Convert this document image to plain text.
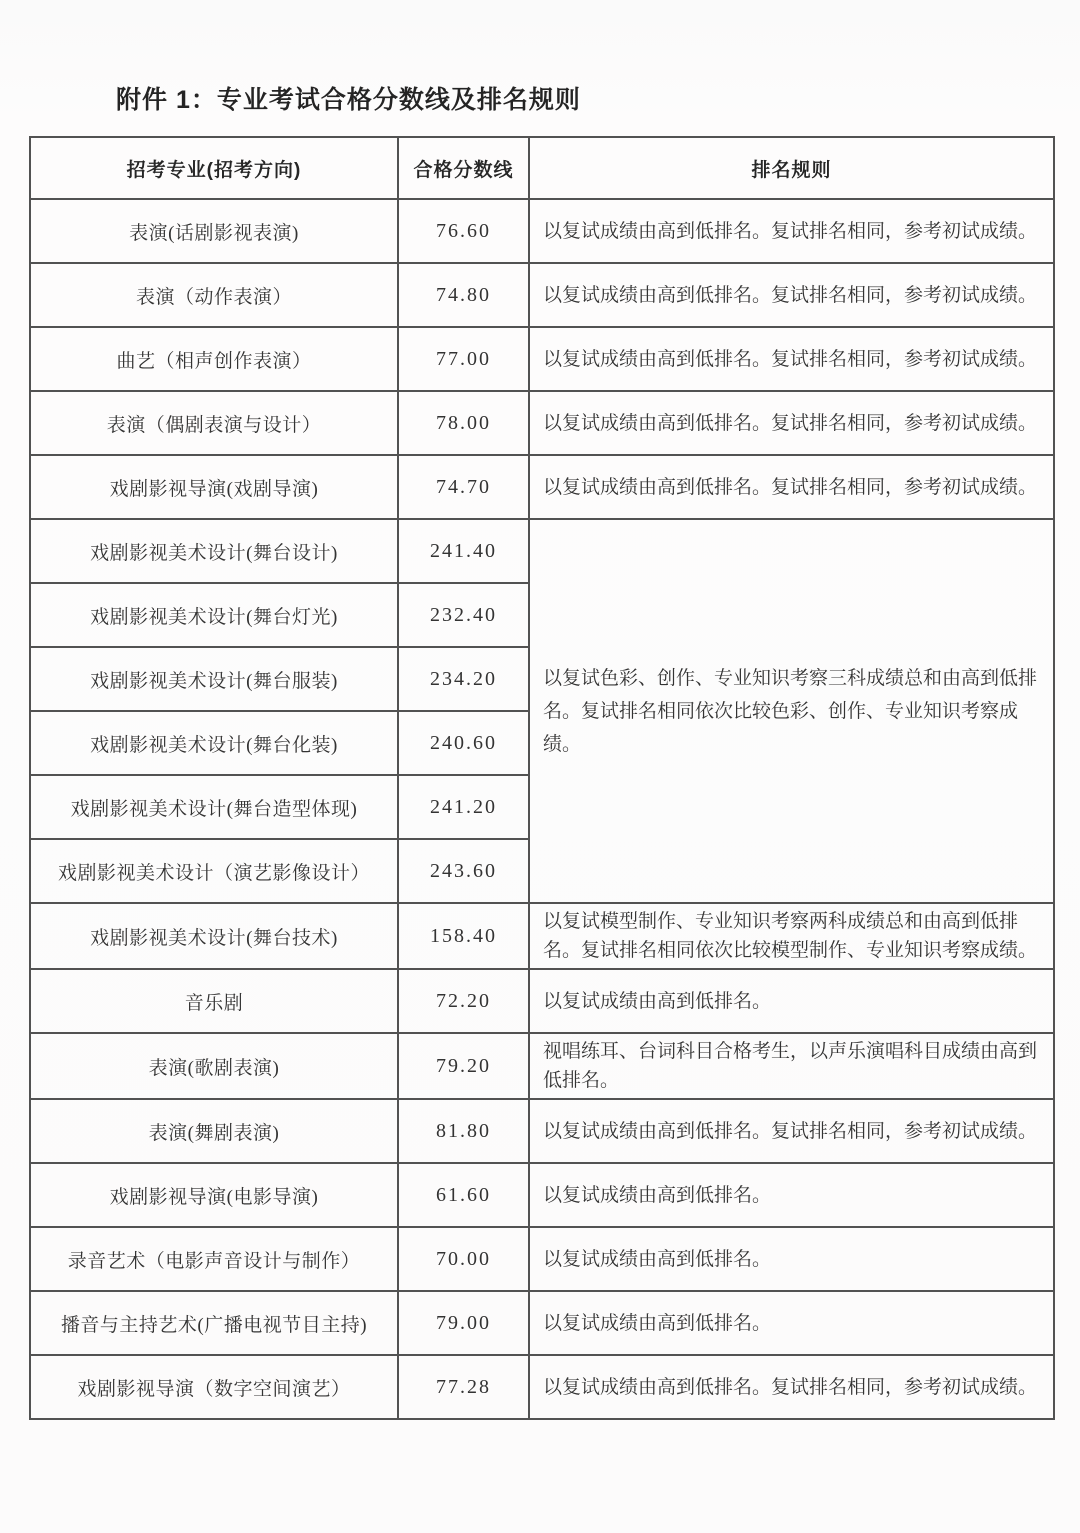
附件 1：专业考试合格分数线及排名规则
招考专业(招考方向)	合格分数线	排名规则
表演(话剧影视表演)	76.60	以复试成绩由高到低排名。复试排名相同，参考初试成绩。
表演（动作表演）	74.80	以复试成绩由高到低排名。复试排名相同，参考初试成绩。
曲艺（相声创作表演）	77.00	以复试成绩由高到低排名。复试排名相同，参考初试成绩。
表演（偶剧表演与设计）	78.00	以复试成绩由高到低排名。复试排名相同，参考初试成绩。
戏剧影视导演(戏剧导演)	74.70	以复试成绩由高到低排名。复试排名相同，参考初试成绩。
戏剧影视美术设计(舞台设计)	241.40	以复试色彩、创作、专业知识考察三科成绩总和由高到低排名。复试排名相同依次比较色彩、创作、专业知识考察成绩。
戏剧影视美术设计(舞台灯光)	232.40	
戏剧影视美术设计(舞台服装)	234.20	
戏剧影视美术设计(舞台化装)	240.60	
戏剧影视美术设计(舞台造型体现)	241.20	
戏剧影视美术设计（演艺影像设计）	243.60	
戏剧影视美术设计(舞台技术)	158.40	以复试模型制作、专业知识考察两科成绩总和由高到低排名。复试排名相同依次比较模型制作、专业知识考察成绩。
音乐剧	72.20	以复试成绩由高到低排名。
表演(歌剧表演)	79.20	视唱练耳、台词科目合格考生，以声乐演唱科目成绩由高到低排名。
表演(舞剧表演)	81.80	以复试成绩由高到低排名。复试排名相同，参考初试成绩。
戏剧影视导演(电影导演)	61.60	以复试成绩由高到低排名。
录音艺术（电影声音设计与制作）	70.00	以复试成绩由高到低排名。
播音与主持艺术(广播电视节目主持)	79.00	以复试成绩由高到低排名。
戏剧影视导演（数字空间演艺）	77.28	以复试成绩由高到低排名。复试排名相同，参考初试成绩。
